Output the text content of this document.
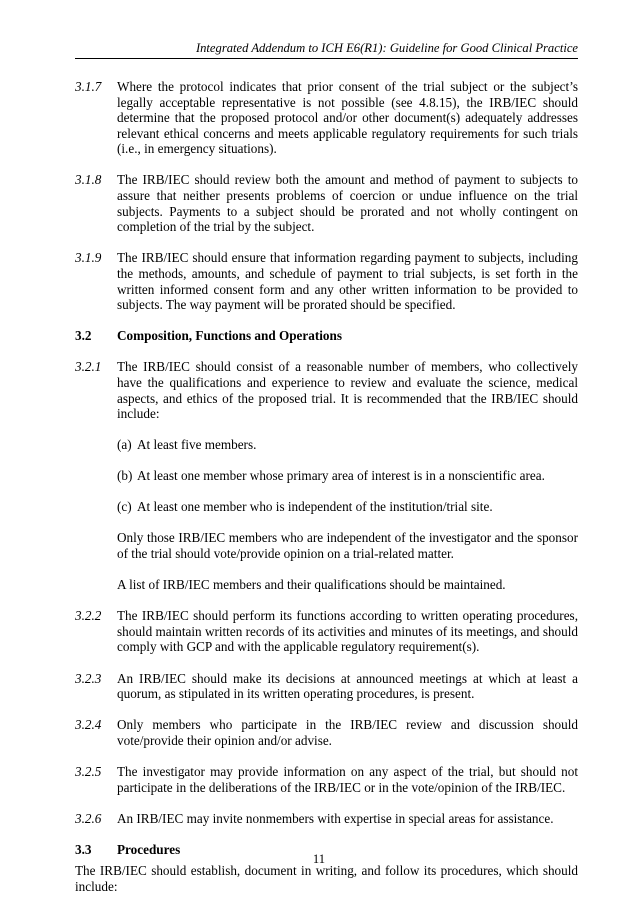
Integrated Addendum to ICH E6(R1): Guideline for Good Clinical Practice
3.1.7 Where the protocol indicates that prior consent of the trial subject or the subject’s legally acceptable representative is not possible (see 4.8.15), the IRB/IEC should determine that the proposed protocol and/or other document(s) adequately addresses relevant ethical concerns and meets applicable regulatory requirements for such trials (i.e., in emergency situations).
3.1.8 The IRB/IEC should review both the amount and method of payment to subjects to assure that neither presents problems of coercion or undue influence on the trial subjects. Payments to a subject should be prorated and not wholly contingent on completion of the trial by the subject.
3.1.9 The IRB/IEC should ensure that information regarding payment to subjects, including the methods, amounts, and schedule of payment to trial subjects, is set forth in the written informed consent form and any other written information to be provided to subjects. The way payment will be prorated should be specified.
3.2 Composition, Functions and Operations
3.2.1 The IRB/IEC should consist of a reasonable number of members, who collectively have the qualifications and experience to review and evaluate the science, medical aspects, and ethics of the proposed trial. It is recommended that the IRB/IEC should include:
(a) At least five members.
(b) At least one member whose primary area of interest is in a nonscientific area.
(c) At least one member who is independent of the institution/trial site.
Only those IRB/IEC members who are independent of the investigator and the sponsor of the trial should vote/provide opinion on a trial-related matter.
A list of IRB/IEC members and their qualifications should be maintained.
3.2.2 The IRB/IEC should perform its functions according to written operating procedures, should maintain written records of its activities and minutes of its meetings, and should comply with GCP and with the applicable regulatory requirement(s).
3.2.3 An IRB/IEC should make its decisions at announced meetings at which at least a quorum, as stipulated in its written operating procedures, is present.
3.2.4 Only members who participate in the IRB/IEC review and discussion should vote/provide their opinion and/or advise.
3.2.5 The investigator may provide information on any aspect of the trial, but should not participate in the deliberations of the IRB/IEC or in the vote/opinion of the IRB/IEC.
3.2.6 An IRB/IEC may invite nonmembers with expertise in special areas for assistance.
3.3 Procedures

The IRB/IEC should establish, document in writing, and follow its procedures, which should include:

11
